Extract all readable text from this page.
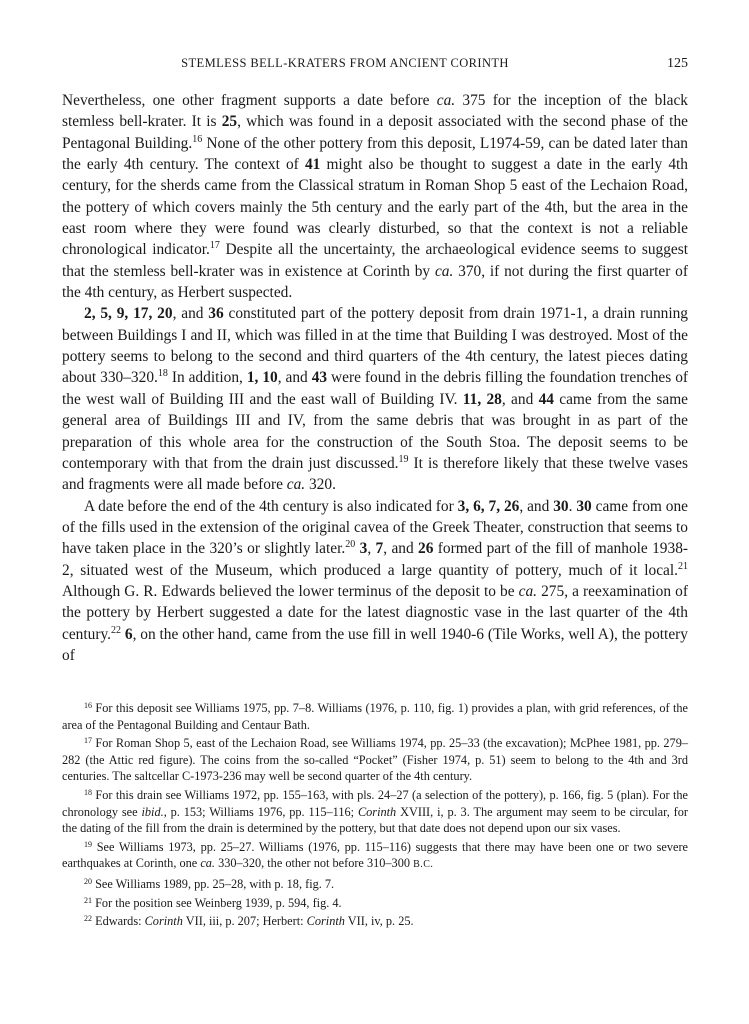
STEMLESS BELL-KRATERS FROM ANCIENT CORINTH	125

Nevertheless, one other fragment supports a date before ca. 375 for the inception of the black stemless bell-krater. It is 25, which was found in a deposit associated with the second phase of the Pentagonal Building.$^{16}$ None of the other pottery from this deposit, L1974-59, can be dated later than the early 4th century. The context of 41 might also be thought to suggest a date in the early 4th century, for the sherds came from the Classical stratum in Roman Shop 5 east of the Lechaion Road, the pottery of which covers mainly the 5th century and the early part of the 4th, but the area in the east room where they were found was clearly disturbed, so that the context is not a reliable chronological indicator.$^{17}$ Despite all the uncertainty, the archaeological evidence seems to suggest that the stemless bell-krater was in existence at Corinth by ca. 370, if not during the first quarter of the 4th century, as Herbert suspected.

2, 5, 9, 17, 20, and 36 constituted part of the pottery deposit from drain 1971-1, a drain running between Buildings I and II, which was filled in at the time that Building I was destroyed. Most of the pottery seems to belong to the second and third quarters of the 4th century, the latest pieces dating about 330–320.18 In addition, 1, 10, and 43 were found in the debris filling the foundation trenches of the west wall of Building III and the east wall of Building IV. 11, 28, and 44 came from the same general area of Buildings III and IV, from the same debris that was brought in as part of the preparation of this whole area for the construction of the South Stoa. The deposit seems to be contemporary with that from the drain just discussed.$^{19}$ It is therefore likely that these twelve vases and fragments were all made before ca. 320.

A date before the end of the 4th century is also indicated for 3, 6, 7, 26, and 30. 30 came from one of the fills used in the extension of the original cavea of the Greek Theater, construction that seems to have taken place in the 320’s or slightly later.$^{20}$ 3, 7, and 26 formed part of the fill of manhole 1938-2, situated west of the Museum, which produced a large quantity of pottery, much of it local.$^{21}$ Although G. R. Edwards believed the lower terminus of the deposit to be ca. 275, a reexamination of the pottery by Herbert suggested a date for the latest diagnostic vase in the last quarter of the 4th century.$^{22}$ 6, on the other hand, came from the use fill in well 1940-6 (Tile Works, well A), the pottery of

$^{16}$ For this deposit see Williams 1975, pp. 7–8. Williams (1976, p. 110, fig. 1) provides a plan, with grid references, of the area of the Pentagonal Building and Centaur Bath.

$^{17}$ For Roman Shop 5, east of the Lechaion Road, see Williams 1974, pp. 25–33 (the excavation); McPhee 1981, pp. 279–282 (the Attic red figure). The coins from the so-called “Pocket” (Fisher 1974, p. 51) seem to belong to the 4th and 3rd centuries. The saltcellar C-1973-236 may well be second quarter of the 4th century.

$^{18}$ For this drain see Williams 1972, pp. 155–163, with pls. 24–27 (a selection of the pottery), p. 166, fig. 5 (plan). For the chronology see ibid., p. 153; Williams 1976, pp. 115–116; Corinth XVIII, i, p. 3. The argument may seem to be circular, for the dating of the fill from the drain is determined by the pottery, but that date does not depend upon our six vases.

$^{19}$ See Williams 1973, pp. 25–27. Williams (1976, pp. 115–116) suggests that there may have been one or two severe earthquakes at Corinth, one ca. 330–320, the other not before 310–300 B.C.

$^{20}$ See Williams 1989, pp. 25–28, with p. 18, fig. 7.

$^{21}$ For the position see Weinberg 1939, p. 594, fig. 4.

$^{22}$ Edwards: Corinth VII, iii, p. 207; Herbert: Corinth VII, iv, p. 25.
